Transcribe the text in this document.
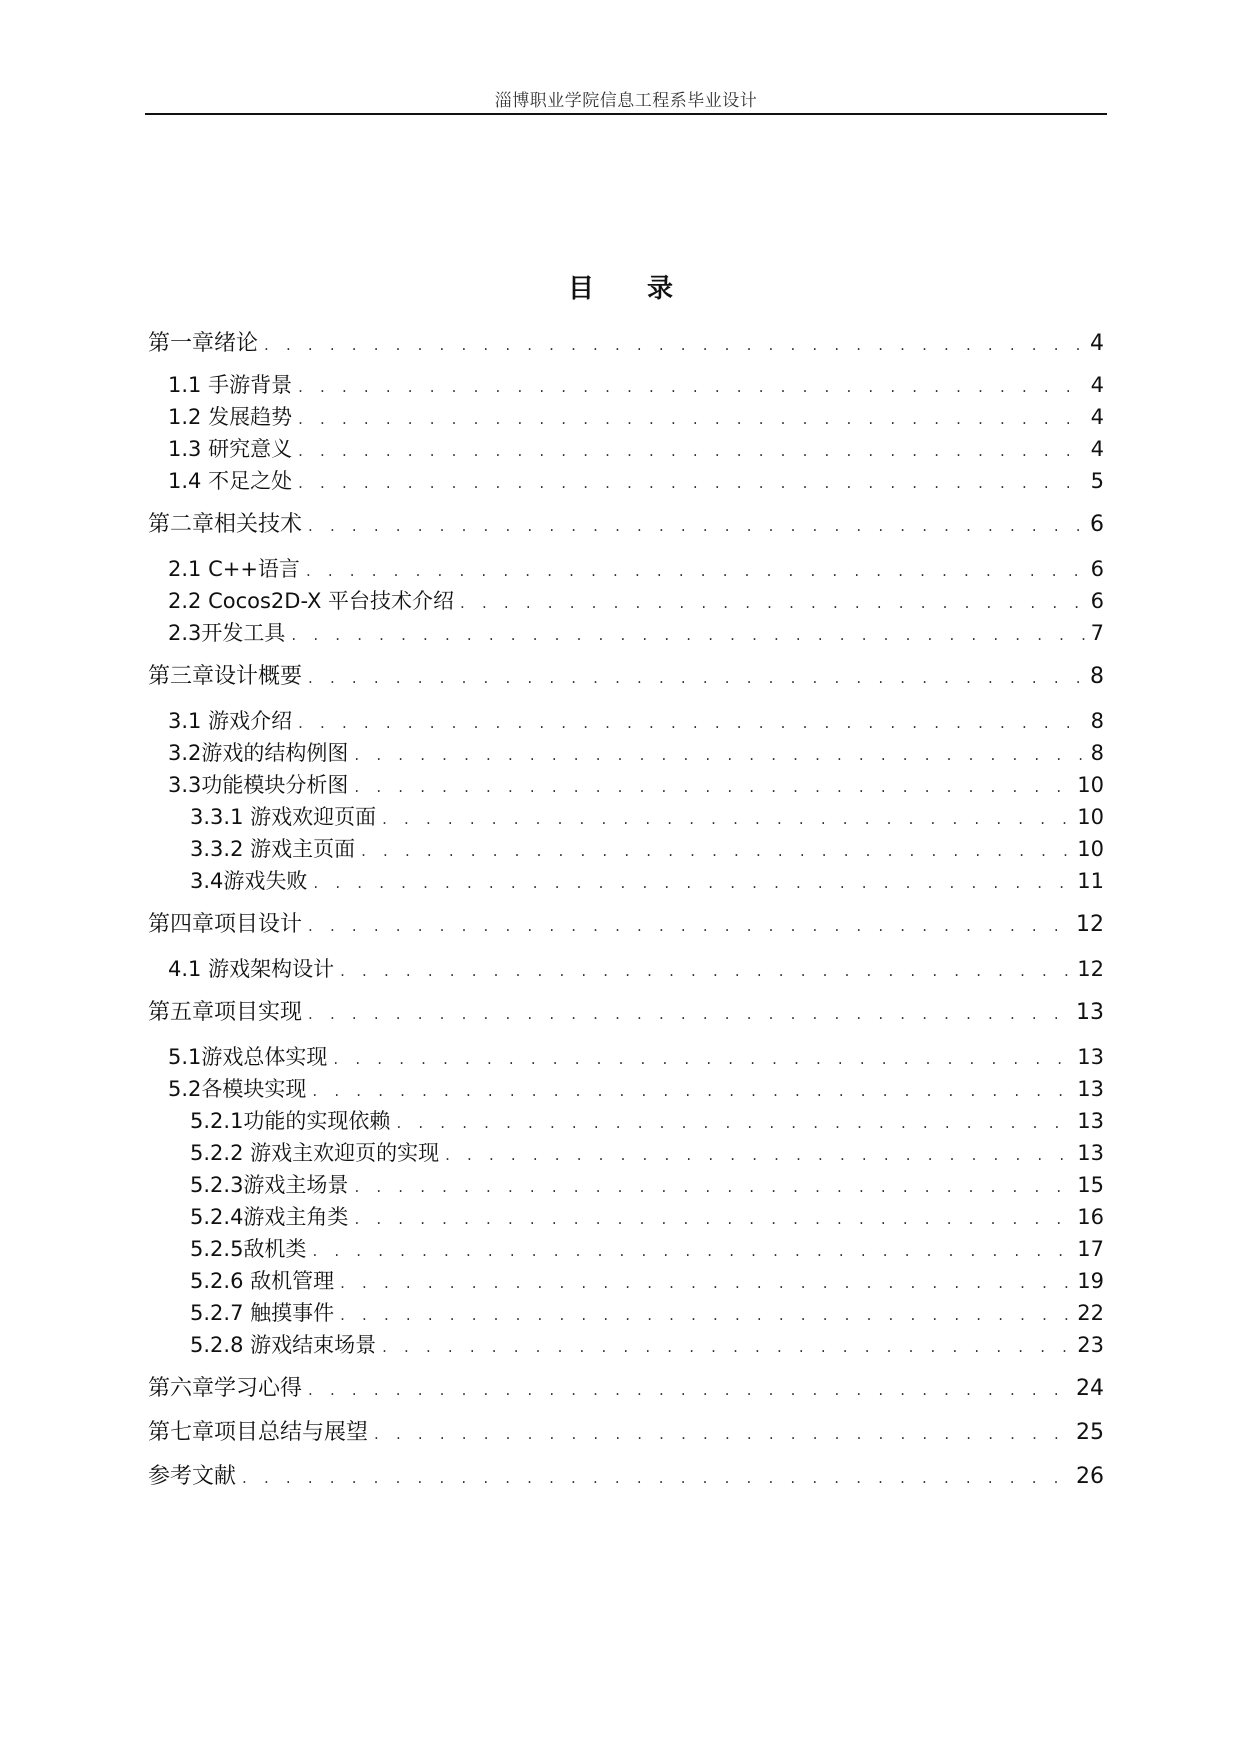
淄博职业学院信息工程系毕业设计
目 录
第一章绪论 . . .	4
1.1 手游背景 . . .	4
1.2 发展趋势 . . .	4
1.3 研究意义 . . .	4
1.4 不足之处 . . .	5
第二章相关技术 . . .	6
2.1 C++语言 . . .	6
2.2 Cocos2D-X 平台技术介绍 . . .	6
2.3开发工具 . . .	7
第三章设计概要 . . .	8
3.1 游戏介绍 . . .	8
3.2游戏的结构例图 . . .	8
3.3功能模块分析图 . . .	10
3.3.1 游戏欢迎页面 . . .	10
3.3.2 游戏主页面 . . .	10
3.4游戏失败 . . .	11
第四章项目设计 . . .	12
4.1 游戏架构设计 . . .	12
第五章项目实现 . . .	13
5.1游戏总体实现 . . .	13
5.2各模块实现 . . .	13
5.2.1功能的实现依赖 . . .	13
5.2.2 游戏主欢迎页的实现 . . .	13
5.2.3游戏主场景 . . .	15
5.2.4游戏主角类 . . .	16
5.2.5敌机类 . . .	17
5.2.6 敌机管理 . . .	19
5.2.7 触摸事件 . . .	22
5.2.8 游戏结束场景 . . .	23
第六章学习心得 . . .	24
第七章项目总结与展望 . . .	25
参考文献 . . .	26
